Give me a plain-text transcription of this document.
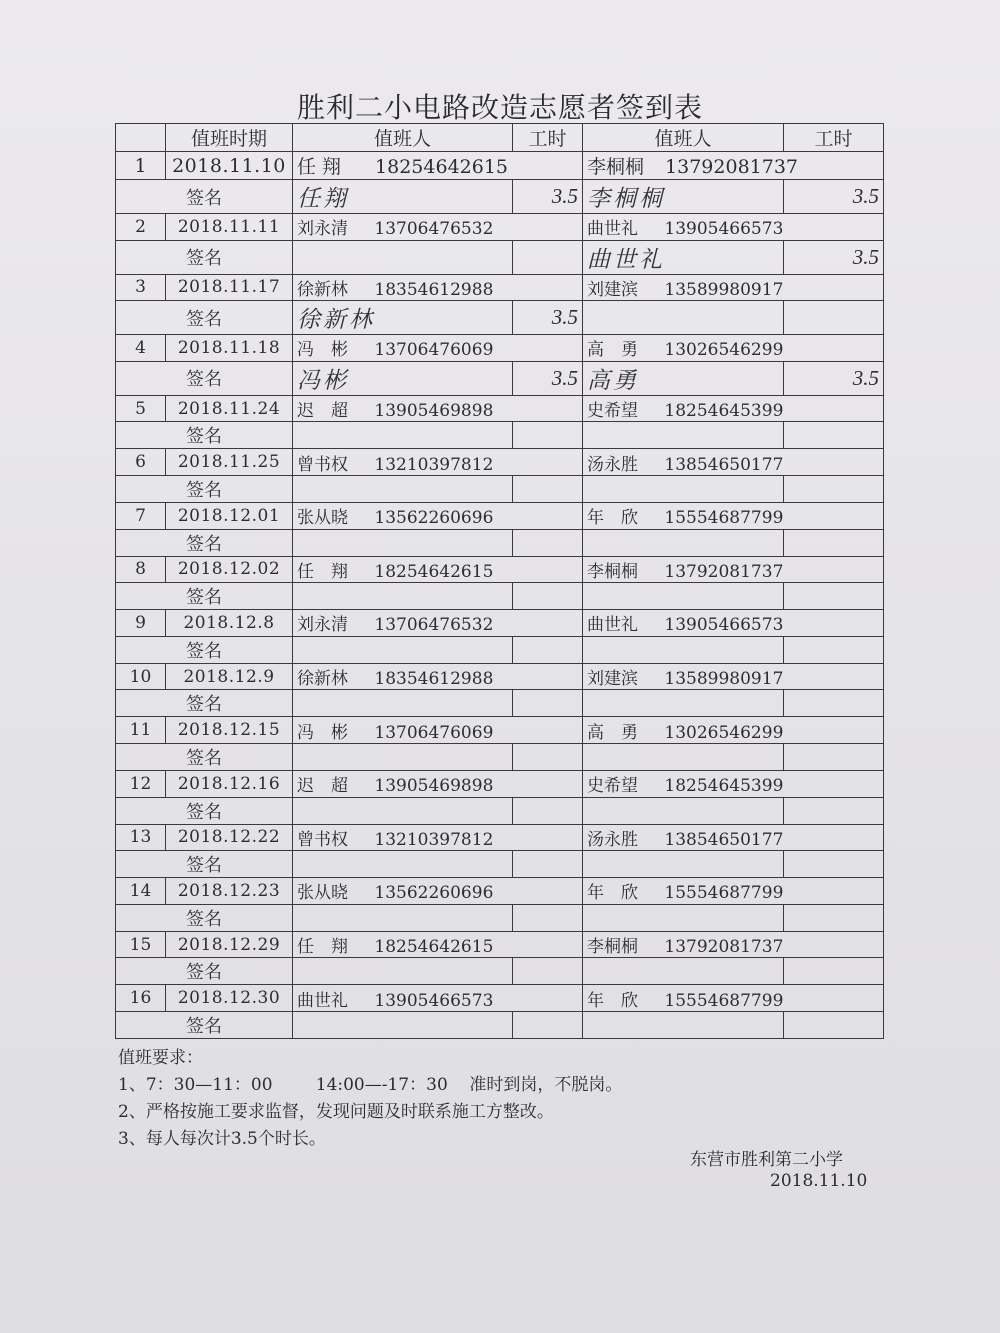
胜利二小电路改造志愿者签到表
	值班时期	值班人	工时	值班人	工时
1	2018.11.10	任 翔 18254642615		李桐桐 13792081737	
签名		任翔	3.5	李桐桐	3.5
2	2018.11.11	刘永清 13706476532		曲世礼 13905466573	
签名				曲世礼	3.5
3	2018.11.17	徐新林 18354612988		刘建滨 13589980917	
签名		徐新林	3.5		
4	2018.11.18	冯　彬 13706476069		高　勇 13026546299	
签名		冯彬	3.5	高勇	3.5
5	2018.11.24	迟　超 13905469898		史希望 18254645399	
签名					
6	2018.11.25	曾书权 13210397812		汤永胜 13854650177	
签名					
7	2018.12.01	张从晓 13562260696		年　欣 15554687799	
签名					
8	2018.12.02	任　翔 18254642615		李桐桐 13792081737	
签名					
9	2018.12.8	刘永清 13706476532		曲世礼 13905466573	
签名					
10	2018.12.9	徐新林 18354612988		刘建滨 13589980917	
签名					
11	2018.12.15	冯　彬 13706476069		高　勇 13026546299	
签名					
12	2018.12.16	迟　超 13905469898		史希望 18254645399	
签名					
13	2018.12.22	曾书权 13210397812		汤永胜 13854650177	
签名					
14	2018.12.23	张从晓 13562260696		年　欣 15554687799	
签名					
15	2018.12.29	任　翔 18254642615		李桐桐 13792081737	
签名					
16	2018.12.30	曲世礼 13905466573		年　欣 15554687799	
签名					
值班要求：
1、7：30—11：00        14:00—-17：30    准时到岗，不脱岗。
2、严格按施工要求监督，发现问题及时联系施工方整改。
3、每人每次计3.5个时长。
东营市胜利第二小学
2018.11.10
